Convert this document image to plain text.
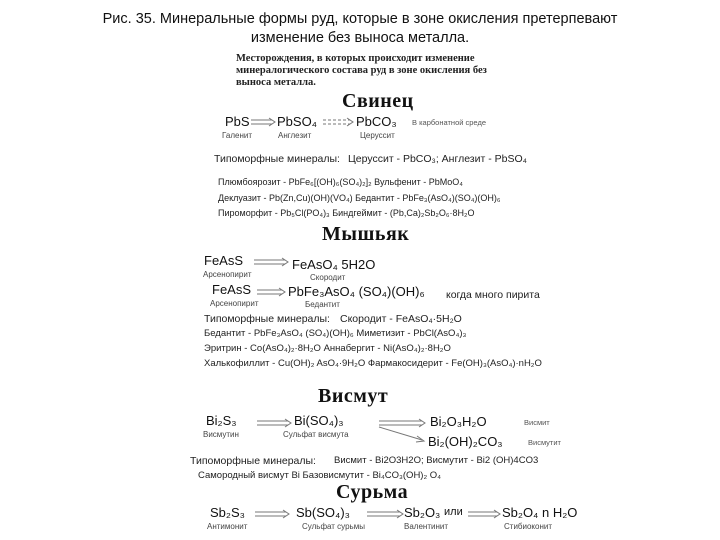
Рис. 35. Минеральные формы руд, которые в зоне окисления претерпевают
изменение без выноса металла.
Месторождения, в которых происходит изменение
минералогического состава руд в зоне окисления без
выноса металла.
Свинец
PbS
Галенит
PbSO₄
Англезит
PbCO₃
Церуссит
В карбонатной среде
Типоморфные минералы: Церуссит - PbCO₃; Англезит - PbSO₄
Плюмбоярозит - PbFe₆[(OH)₆(SO₄)₂]₂ Вульфенит - PbMoO₄
Деклуазит - Pb(Zn,Cu)(OH)(VO₄) Бедантит - PbFe₃(AsO₄)(SO₄)(OH)₆
Пироморфит - Pb₅Cl(PO₄)₃ Биндгеймит - (Pb,Ca)₂Sb₂O₆·8H₂O
Мышьяк
FeAsS
Арсенопирит
FeAsO₄ 5H2O
Скородит
FeAsS
Арсенопирит
PbFe₃AsO₄ (SO₄)(OH)₆
Бедантит
когда много пирита
Типоморфные минералы: Скородит - FeAsO₄·5H₂O
Бедантит - PbFe₃AsO₄ (SO₄)(OH)₆ Миметизит - PbCl(AsO₄)₃
Эритрин - Co(AsO₄)₂·8H₂O Аннабергит - Ni(AsO₄)₂·8H₂O
Халькофиллит - Cu(OH)₂ AsO₄·9H₂O Фармакосидерит - Fe(OH)₃(AsO₄)·nH₂O
Висмут
Bi₂S₃
Висмутин
Bi(SO₄)₃
Сульфат висмута
Bi₂O₃H₂O	Висмит
Bi₂(OH)₂CO₃	Висмутит
Типоморфные минералы: Висмит - Bi2O3H2O; Висмутит - Bi2 (OH)4CO3
Самородный висмут Bi Базовисмутит - Bi₄CO₃(OH)₂ O₄
Сурьма
Sb₂S₃
Антимонит
Sb(SO₄)₃
Сульфат сурьмы
Sb₂O₃ или
Валентинит
Sb₂O₄ n H₂O
Стибиоконит
